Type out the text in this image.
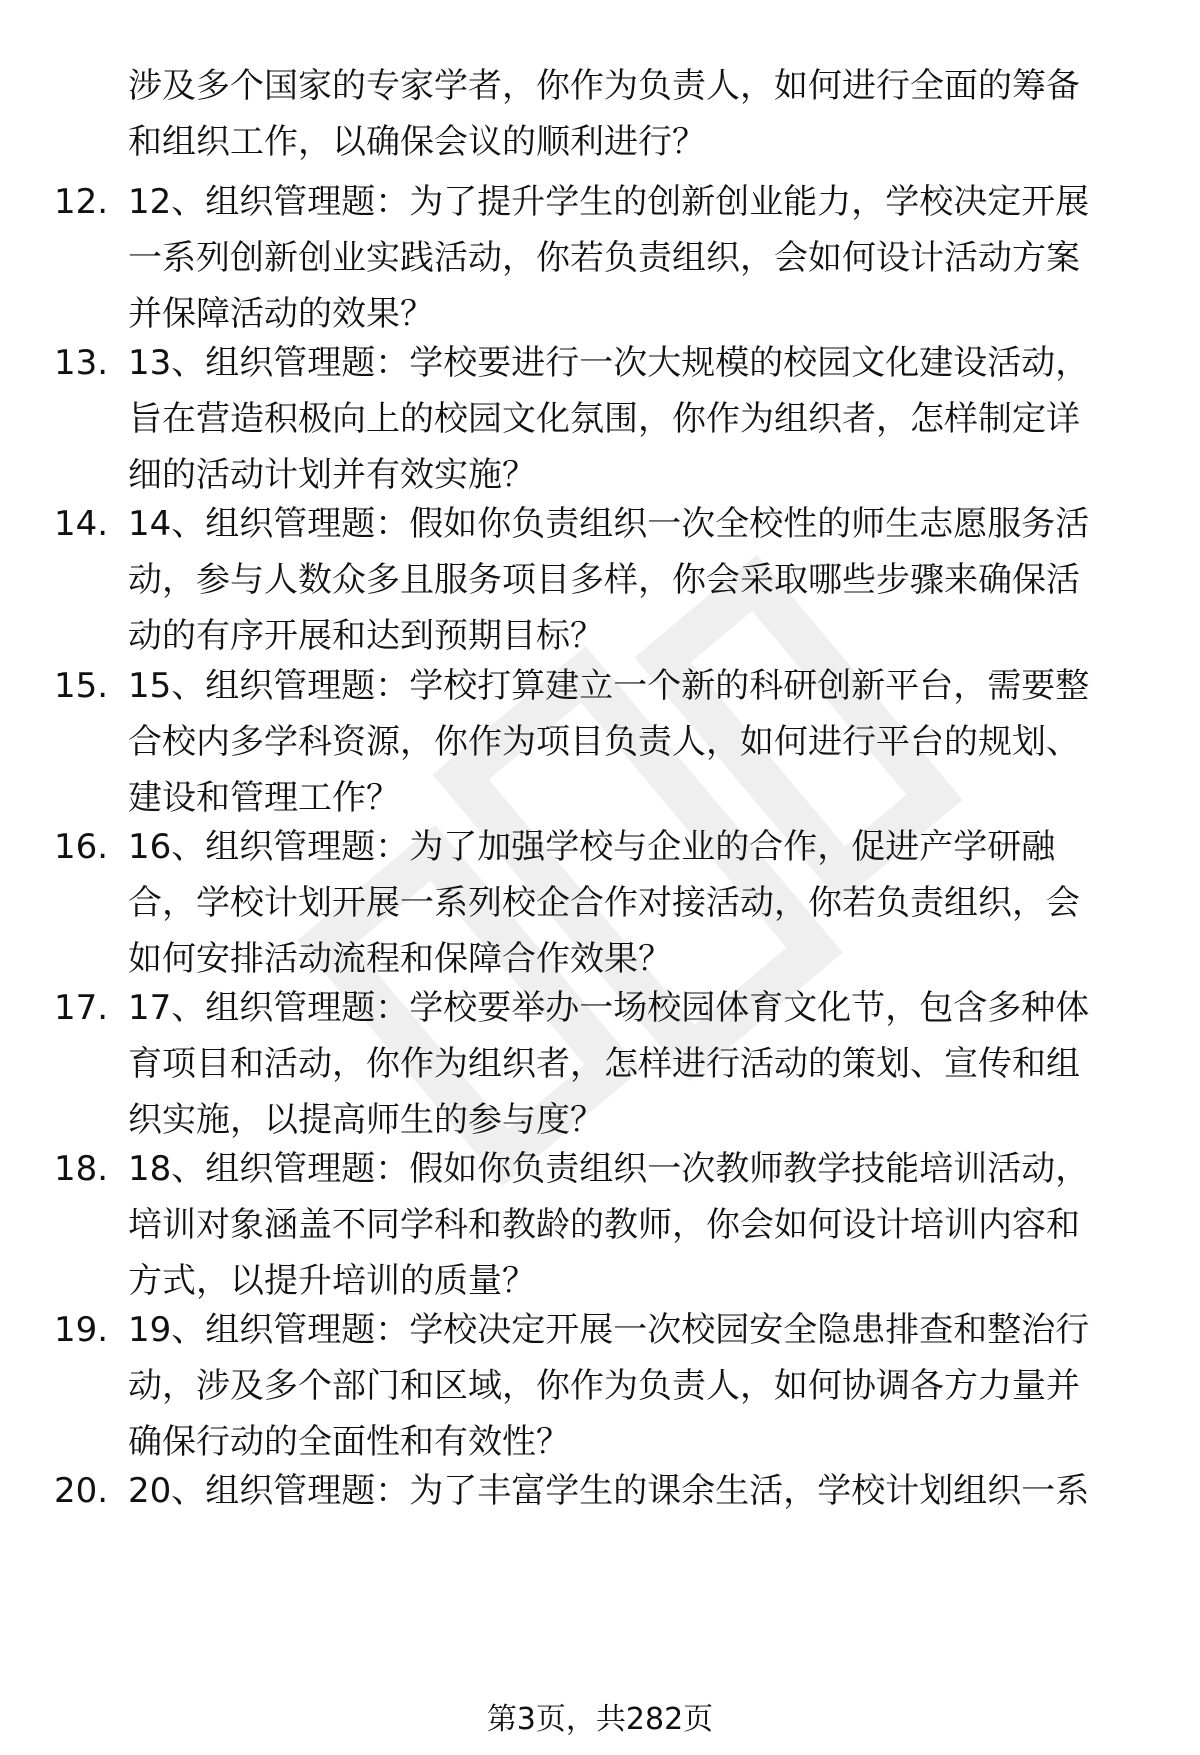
涉及多个国家的专家学者，你作为负责人，如何进行全面的筹备
和组织工作，以确保会议的顺利进行？

12. 12、组织管理题：为了提升学生的创新创业能力，学校决定开展
一系列创新创业实践活动，你若负责组织，会如何设计活动方案
并保障活动的效果？

13. 13、组织管理题：学校要进行一次大规模的校园文化建设活动，
旨在营造积极向上的校园文化氛围，你作为组织者，怎样制定详
细的活动计划并有效实施？

14. 14、组织管理题：假如你负责组织一次全校性的师生志愿服务活
动，参与人数众多且服务项目多样，你会采取哪些步骤来确保活
动的有序开展和达到预期目标？

15. 15、组织管理题：学校打算建立一个新的科研创新平台，需要整
合校内多学科资源，你作为项目负责人，如何进行平台的规划、
建设和管理工作？

16. 16、组织管理题：为了加强学校与企业的合作，促进产学研融
合，学校计划开展一系列校企合作对接活动，你若负责组织，会
如何安排活动流程和保障合作效果？

17. 17、组织管理题：学校要举办一场校园体育文化节，包含多种体
育项目和活动，你作为组织者，怎样进行活动的策划、宣传和组
织实施，以提高师生的参与度？

18. 18、组织管理题：假如你负责组织一次教师教学技能培训活动，
培训对象涵盖不同学科和教龄的教师，你会如何设计培训内容和
方式，以提升培训的质量？

19. 19、组织管理题：学校决定开展一次校园安全隐患排查和整治行
动，涉及多个部门和区域，你作为负责人，如何协调各方力量并
确保行动的全面性和有效性？

20. 20、组织管理题：为了丰富学生的课余生活，学校计划组织一系

第3页，共282页
